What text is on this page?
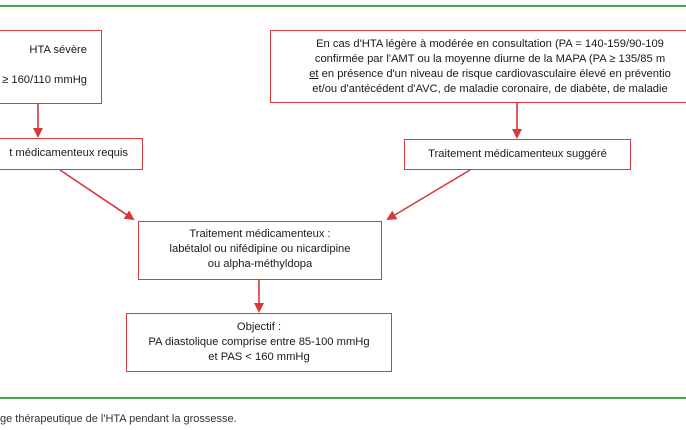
HTA sévère
≥ 160/110 mmHg
En cas d'HTA légère à modérée en consultation (PA = 140-159/90-109
confirmée par l'AMT ou la moyenne diurne de la MAPA (PA ≥ 135/85 m
et en présence d'un niveau de risque cardiovasculaire élevé en préventio
et/ou d'antécédent d'AVC, de maladie coronaire, de diabète, de maladie
t médicamenteux requis	Traitement médicamenteux suggéré
Traitement médicamenteux :
labétalol ou nifédipine ou nicardipine
ou alpha-méthyldopa
Objectif :
PA diastolique comprise entre 85-100 mmHg
et PAS < 160 mmHg
ge thérapeutique de l'HTA pendant la grossesse.
